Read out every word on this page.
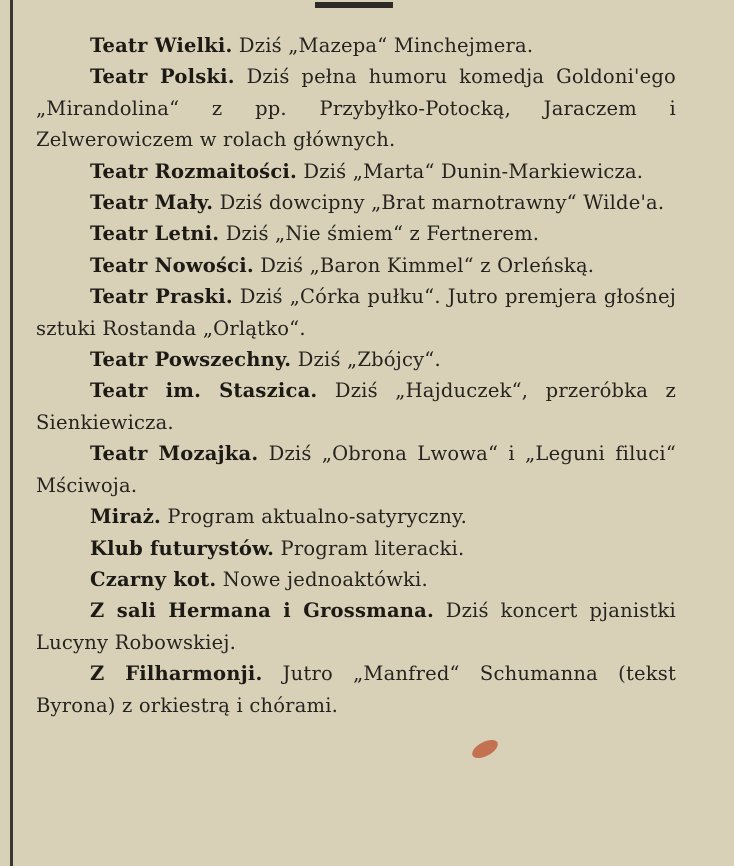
Teatr Wielki. Dziś „Mazepa“ Minchejmera.

Teatr Polski. Dziś pełna humoru komedja Goldoni'ego „Mirandolina“ z pp. Przybyłko-Potocką, Jaraczem i Zelwerowiczem w rolach głównych.

Teatr Rozmaitości. Dziś „Marta“ Dunin-Markiewicza.

Teatr Mały. Dziś dowcipny „Brat marnotrawny“ Wilde'a.

Teatr Letni. Dziś „Nie śmiem“ z Fertnerem.

Teatr Nowości. Dziś „Baron Kimmel“ z Orleńską.

Teatr Praski. Dziś „Córka pułku“. Jutro premjera głośnej sztuki Rostanda „Orlątko“.

Teatr Powszechny. Dziś „Zbójcy“.

Teatr im. Staszica. Dziś „Hajduczek“, przeróbka z Sienkiewicza.

Teatr Mozajka. Dziś „Obrona Lwowa“ i „Leguni filuci“ Mściwoja.

Miraż. Program aktualno-satyryczny.

Klub futurystów. Program literacki.

Czarny kot. Nowe jednoaktówki.

Z sali Hermana i Grossmana. Dziś koncert pjanistki Lucyny Robowskiej.

Z Filharmonji. Jutro „Manfred“ Schumanna (tekst Byrona) z orkiestrą i chórami.
